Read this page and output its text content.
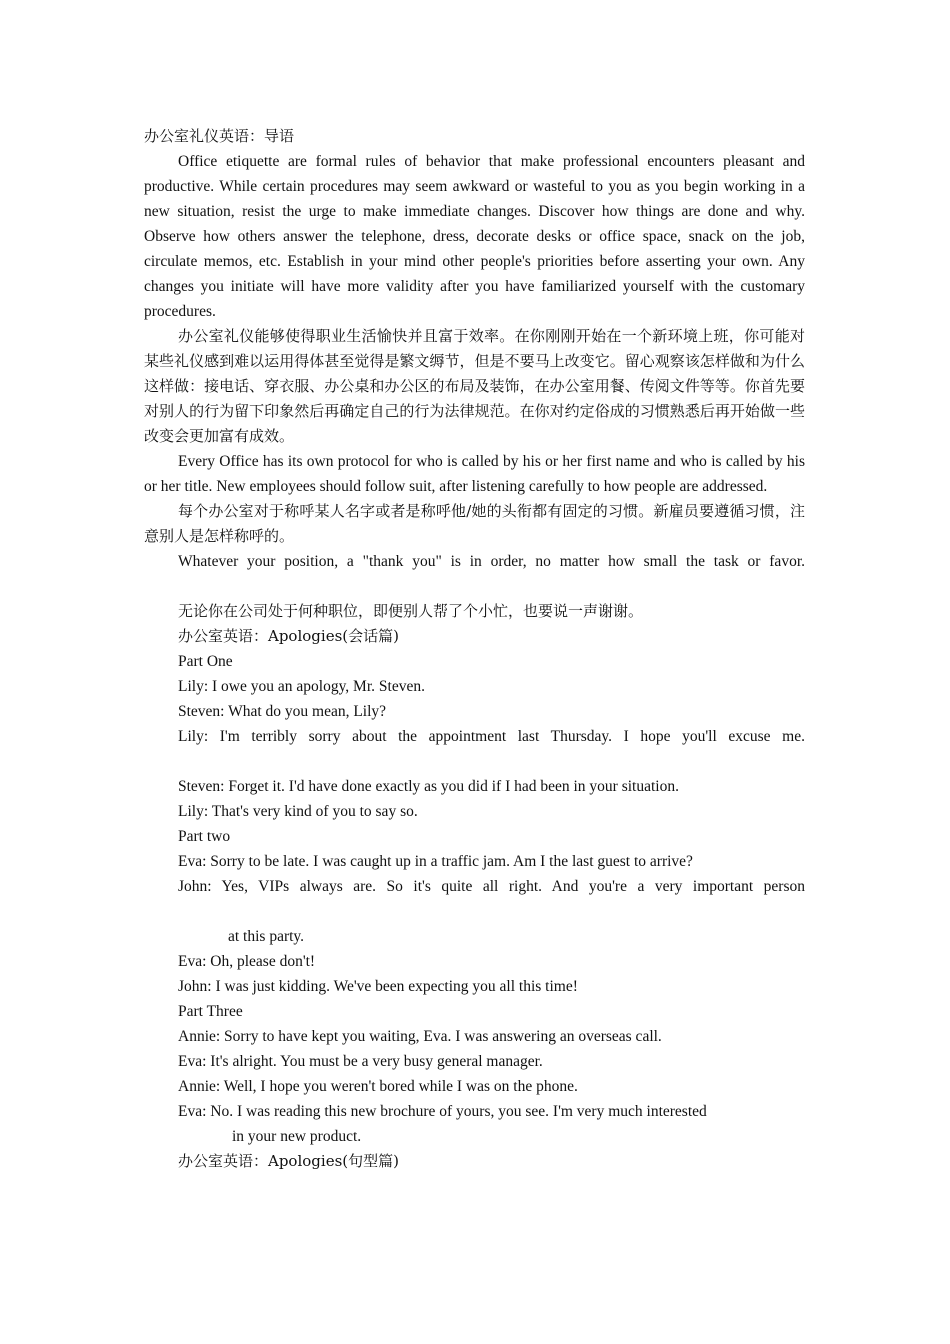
办公室礼仪英语：导语

Office etiquette are formal rules of behavior that make professional encounters pleasant and productive. While certain procedures may seem awkward or wasteful to you as you begin working in a new situation, resist the urge to make immediate changes. Discover how things are done and why. Observe how others answer the telephone, dress, decorate desks or office space, snack on the job, circulate memos, etc. Establish in your mind other people's priorities before asserting your own. Any changes you initiate will have more validity after you have familiarized yourself with the customary procedures.

办公室礼仪能够使得职业生活愉快并且富于效率。在你刚刚开始在一个新环境上班，你可能对某些礼仪感到难以运用得体甚至觉得是繁文缛节，但是不要马上改变它。留心观察该怎样做和为什么这样做：接电话、穿衣服、办公桌和办公区的布局及装饰，在办公室用餐、传阅文件等等。你首先要对别人的行为留下印象然后再确定自己的行为法律规范。在你对约定俗成的习惯熟悉后再开始做一些改变会更加富有成效。

Every Office has its own protocol for who is called by his or her first name and who is called by his or her title. New employees should follow suit, after listening carefully to how people are addressed.

每个办公室对于称呼某人名字或者是称呼他/她的头衔都有固定的习惯。新雇员要遵循习惯，注意别人是怎样称呼的。

Whatever your position, a "thank you" is in order, no matter how small the task or favor.

无论你在公司处于何种职位，即便别人帮了个小忙，也要说一声谢谢。

办公室英语：Apologies(会话篇)

Part One

Lily: I owe you an apology, Mr. Steven.

Steven: What do you mean, Lily?

Lily: I'm terribly sorry about the appointment last Thursday. I hope you'll excuse me.

Steven: Forget it. I'd have done exactly as you did if I had been in your situation.

Lily: That's very kind of you to say so.

Part two

Eva: Sorry to be late. I was caught up in a traffic jam. Am I the last guest to arrive?

John: Yes, VIPs always are. So it's quite all right. And you're a very important person

at this party.

Eva: Oh, please don't!

John: I was just kidding. We've been expecting you all this time!

Part Three

Annie: Sorry to have kept you waiting, Eva. I was answering an overseas call.

Eva: It's alright. You must be a very busy general manager.

Annie: Well, I hope you weren't bored while I was on the phone.

Eva: No. I was reading this new brochure of yours, you see. I'm very much interested

in your new product.

办公室英语：Apologies(句型篇)
